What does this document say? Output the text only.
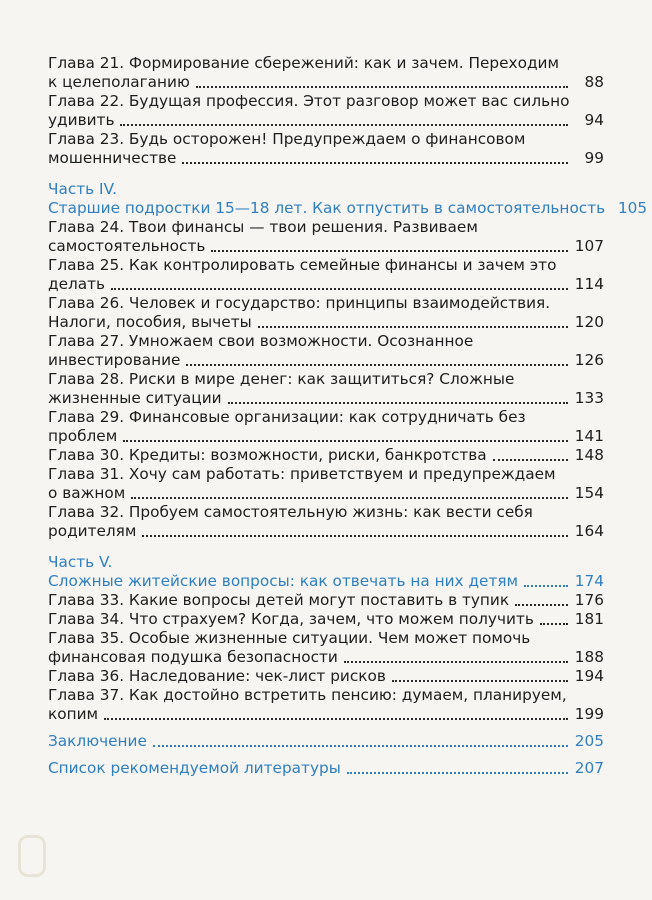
Глава 21. Формирование сбережений: как и зачем. Переходим
к целеполаганию	88
Глава 22. Будущая профессия. Этот разговор может вас сильно
удивить	94
Глава 23. Будь осторожен! Предупреждаем о финансовом
мошенничестве	99
Часть IV.
Старшие подростки 15—18 лет. Как отпустить в самостоятельность 105
Глава 24. Твои финансы — твои решения. Развиваем
самостоятельность	107
Глава 25. Как контролировать семейные финансы и зачем это
делать	114
Глава 26. Человек и государство: принципы взаимодействия.
Налоги, пособия, вычеты	120
Глава 27. Умножаем свои возможности. Осознанное
инвестирование	126
Глава 28. Риски в мире денег: как защититься? Сложные
жизненные ситуации	133
Глава 29. Финансовые организации: как сотрудничать без
проблем	141
Глава 30. Кредиты: возможности, риски, банкротства	148
Глава 31. Хочу сам работать: приветствуем и предупреждаем
о важном	154
Глава 32. Пробуем самостоятельную жизнь: как вести себя
родителям	164
Часть V.
Сложные житейские вопросы: как отвечать на них детям	174
Глава 33. Какие вопросы детей могут поставить в тупик	176
Глава 34. Что страхуем? Когда, зачем, что можем получить	181
Глава 35. Особые жизненные ситуации. Чем может помочь
финансовая подушка безопасности	188
Глава 36. Наследование: чек-лист рисков	194
Глава 37. Как достойно встретить пенсию: думаем, планируем,
копим	199
Заключение	205
Список рекомендуемой литературы	207
